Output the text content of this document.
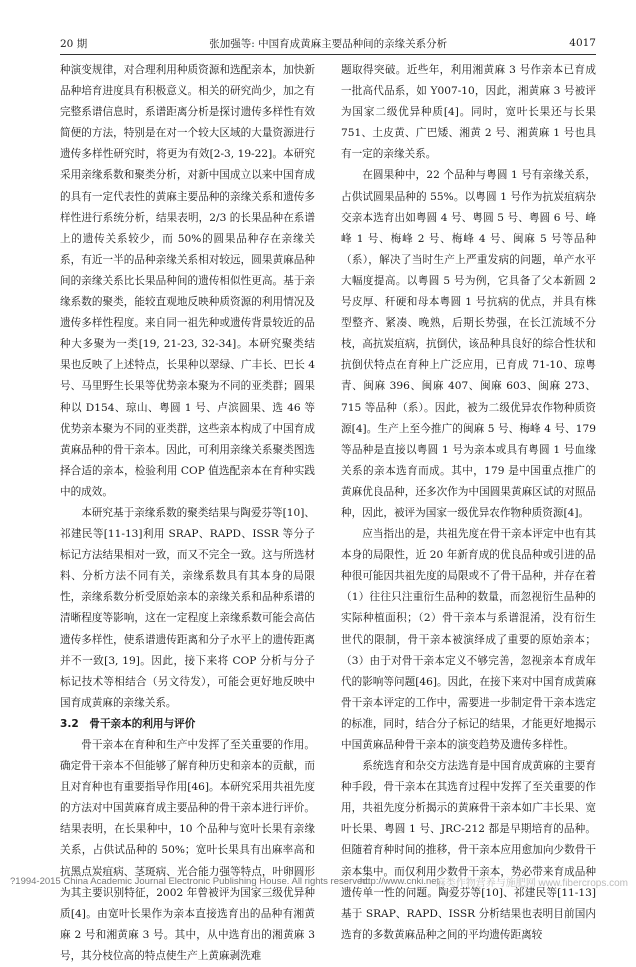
20 期	张加强等: 中国育成黄麻主要品种间的亲缘关系分析	4017

种演变规律，对合理利用种质资源和选配亲本，加快新品种培育进度具有积极意义。相关的研究尚少，加之有完整系谱信息时，系谱距离分析是探讨遗传多样性有效简便的方法，特别是在对一个较大区域的大量资源进行遗传多样性研究时，将更为有效[2-3, 19-22]。本研究采用亲缘系数和聚类分析，对新中国成立以来中国育成的具有一定代表性的黄麻主要品种的亲缘关系和遗传多样性进行系统分析，结果表明，2/3 的长果品种在系谱上的遗传关系较少，而 50%的圆果品种存在亲缘关系，有近一半的品种亲缘关系相对较远，圆果黄麻品种间的亲缘关系比长果品种间的遗传相似性更高。基于亲缘系数的聚类，能较直观地反映种质资源的利用情况及遗传多样性程度。来自同一祖先种或遗传背景较近的品种大多聚为一类[19, 21-23, 32-34]。本研究聚类结果也反映了上述特点，长果种以翠绿、广丰长、巴长 4 号、马里野生长果等优势亲本聚为不同的亚类群；圆果种以 D154、琼山、粤圆 1 号、卢滨圆果、选 46 等优势亲本聚为不同的亚类群，这些亲本构成了中国育成黄麻品种的骨干亲本。因此，可利用亲缘关系聚类图选择合适的亲本，检验利用 COP 值选配亲本在育种实践中的成效。

本研究基于亲缘系数的聚类结果与陶爱芬等[10]、祁建民等[11-13]利用 SRAP、RAPD、ISSR 等分子标记方法结果相对一致，而又不完全一致。这与所选材料、分析方法不同有关，亲缘系数具有其本身的局限性，亲缘系数分析受原始亲本的亲缘关系和品种系谱的清晰程度等影响，这在一定程度上亲缘系数可能会高估遗传多样性，使系谱遗传距离和分子水平上的遗传距离并不一致[3, 19]。因此，接下来将 COP 分析与分子标记技术等相结合（另文待发），可能会更好地反映中国育成黄麻的亲缘关系。

3.2　骨干亲本的利用与评价

骨干亲本在育种和生产中发挥了至关重要的作用。确定骨干亲本不但能够了解育种历史和亲本的贡献，而且对育种也有重要指导作用[46]。本研究采用共祖先度的方法对中国黄麻育成主要品种的骨干亲本进行评价。结果表明，在长果种中，10 个品种与宽叶长果有亲缘关系，占供试品种的 50%；宽叶长果具有出麻率高和抗黑点炭疽病、茎斑病、光合能力强等特点，叶卵圆形为其主要识别特征，2002 年曾被评为国家三级优异种质[4]。由宽叶长果作为亲本直接选育出的品种有湘黄麻 2 号和湘黄麻 3 号。其中，从中选育出的湘黄麻 3 号，其分枝位高的特点使生产上黄麻剥洗难

题取得突破。近些年，利用湘黄麻 3 号作亲本已育成一批高代品系，如 Y007-10，因此，湘黄麻 3 号被评为国家二级优异种质[4]。同时，宽叶长果还与长果 751、土皮黄、广巴矮、湘黄 2 号、湘黄麻 1 号也具有一定的亲缘关系。

在圆果种中，22 个品种与粤圆 1 号有亲缘关系，占供试圆果品种的 55%。以粤圆 1 号作为抗炭疽病杂交亲本选育出如粤圆 4 号、粤圆 5 号、粤圆 6 号、峰峰 1 号、梅峰 2 号、梅峰 4 号、闽麻 5 号等品种（系），解决了当时生产上严重发病的问题，单产水平大幅度提高。以粤圆 5 号为例，它具备了父本新圆 2 号皮厚、秆硬和母本粤圆 1 号抗病的优点，并具有株型整齐、紧凑、晚熟，后期长势强，在长江流域不分枝，高抗炭疽病，抗倒伏，该品种具良好的综合性状和抗倒伏特点在育种上广泛应用，已育成 71-10、琼粤青、闽麻 396、闽麻 407、闽麻 603、闽麻 273、715 等品种（系）。因此，被为二级优异农作物种质资源[4]。生产上至今推广的闽麻 5 号、梅峰 4 号、179 等品种是直接以粤圆 1 号为亲本或具有粤圆 1 号血缘关系的亲本选育而成。其中，179 是中国重点推广的黄麻优良品种，还多次作为中国圆果黄麻区试的对照品种，因此，被评为国家一级优异农作物种质资源[4]。

应当指出的是，共祖先度在骨干亲本评定中也有其本身的局限性，近 20 年新育成的优良品种或引进的品种很可能因共祖先度的局限或不了骨干品种，并存在着（1）往往只注重衍生品种的数量，而忽视衍生品种的实际种植面积；（2）骨干亲本与系谱混淆，没有衍生世代的限制，骨干亲本被演绎成了重要的原始亲本；（3）由于对骨干亲本定义不够完善，忽视亲本育成年代的影响等问题[46]。因此，在接下来对中国育成黄麻骨干亲本评定的工作中，需要进一步制定骨干亲本选定的标准，同时，结合分子标记的结果，才能更好地揭示中国黄麻品种骨干亲本的演变趋势及遗传多样性。

系统选育和杂交方法选育是中国育成黄麻的主要育种手段，骨干亲本在其选育过程中发挥了至关重要的作用，共祖先度分析揭示的黄麻骨干亲本如广丰长果、宽叶长果、粤圆 1 号、JRC-212 都是早期培育的品种。但随着育种时间的推移，骨干亲本应用愈加向少数骨干亲本集中。而仅利用少数骨干亲本，势必带来育成品种遗传单一性的问题。陶爱芬等[10]、祁建民等[11-13]基于 SRAP、RAPD、ISSR 分析结果也表明目前国内选育的多数黄麻品种之间的平均遗传距离较

?1994-2015 China Academic Journal Electronic Publishing House. All rights reserved.
http://www.cnki.net
麻类作物营养与施肥网 www.fibercrops.com
